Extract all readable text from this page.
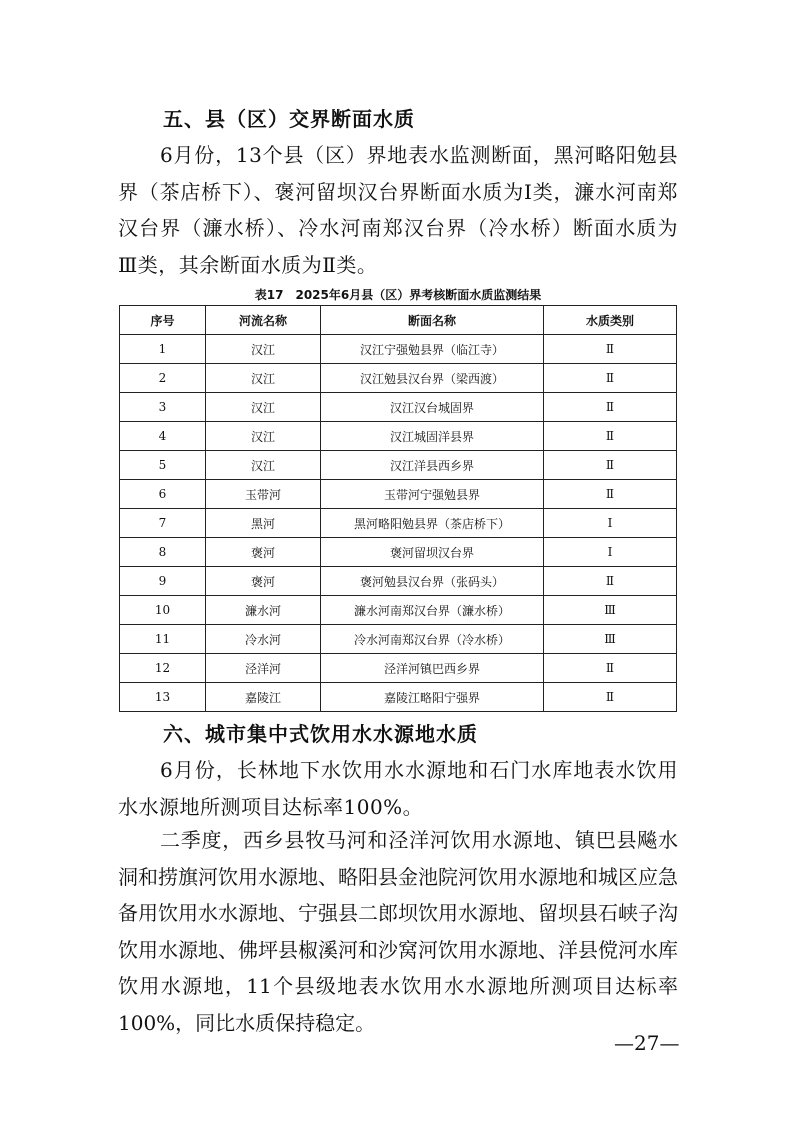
五、县（区）交界断面水质

6月份，13个县（区）界地表水监测断面，黑河略阳勉县界（茶店桥下）、褒河留坝汉台界断面水质为Ⅰ类，濂水河南郑汉台界（濂水桥）、冷水河南郑汉台界（冷水桥）断面水质为Ⅲ类，其余断面水质为Ⅱ类。

表17　2025年6月县（区）界考核断面水质监测结果

序号	河流名称	断面名称	水质类别
1	汉江	汉江宁强勉县界（临江寺）	Ⅱ
2	汉江	汉江勉县汉台界（梁西渡）	Ⅱ
3	汉江	汉江汉台城固界	Ⅱ
4	汉江	汉江城固洋县界	Ⅱ
5	汉江	汉江洋县西乡界	Ⅱ
6	玉带河	玉带河宁强勉县界	Ⅱ
7	黑河	黑河略阳勉县界（茶店桥下）	Ⅰ
8	褒河	褒河留坝汉台界	Ⅰ
9	褒河	褒河勉县汉台界（张码头）	Ⅱ
10	濂水河	濂水河南郑汉台界（濂水桥）	Ⅲ
11	冷水河	冷水河南郑汉台界（冷水桥）	Ⅲ
12	泾洋河	泾洋河镇巴西乡界	Ⅱ
13	嘉陵江	嘉陵江略阳宁强界	Ⅱ
六、城市集中式饮用水水源地水质

6月份，长林地下水饮用水水源地和石门水库地表水饮用水水源地所测项目达标率100%。

二季度，西乡县牧马河和泾洋河饮用水源地、镇巴县飚水洞和捞旗河饮用水源地、略阳县金池院河饮用水源地和城区应急备用饮用水水源地、宁强县二郎坝饮用水源地、留坝县石峡子沟饮用水源地、佛坪县椒溪河和沙窝河饮用水源地、洋县傥河水库饮用水源地，11个县级地表水饮用水水源地所测项目达标率100%，同比水质保持稳定。

—27—
